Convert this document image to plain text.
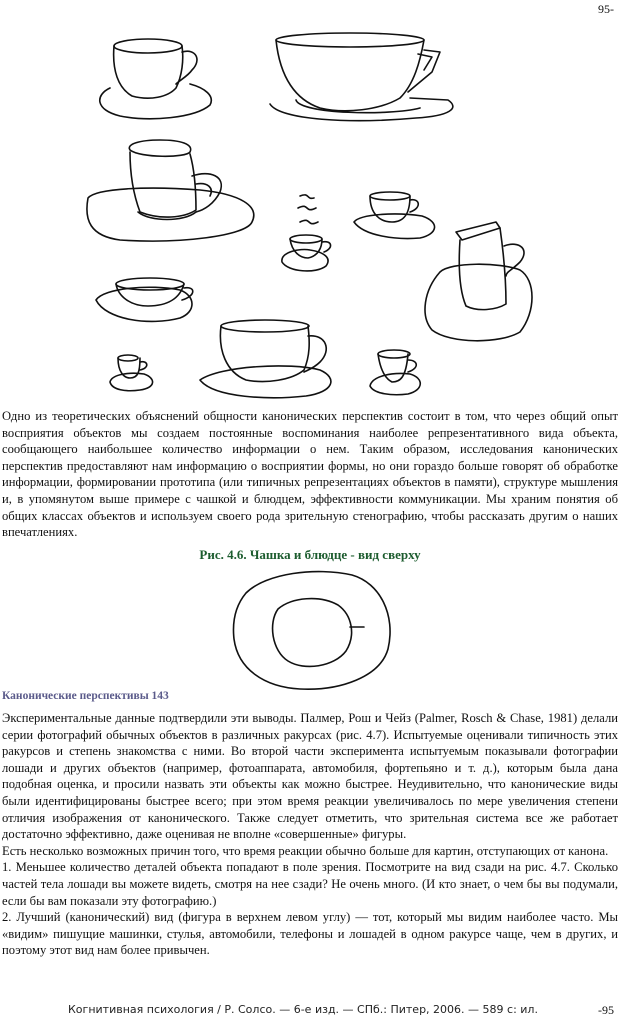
95-

Одно из теоретических объяснений общности канонических перспектив состоит в том, что через общий опыт восприятия объектов мы создаем постоянные воспоминания наиболее репрезентативного вида объекта, сообщающего наибольшее количество информации о нем. Таким образом, исследования канонических перспектив предоставляют нам информацию о восприятии формы, но они гораздо больше говорят об обработке информации, формировании прототипа (или типичных репрезентациях объектов в памяти), структуре мышления и, в упомянутом выше примере с чашкой и блюдцем, эффективности коммуникации. Мы храним понятия об общих классах объектов и используем своего рода зрительную стенографию, чтобы рассказать другим о наших впечатлениях.

Рис. 4.6. Чашка и блюдце - вид сверху
Канонические перспективы 143

Экспериментальные данные подтвердили эти выводы. Палмер, Рош и Чейз (Palmer, Rosch & Chase, 1981) делали серии фотографий обычных объектов в различных ракурсах (рис. 4.7). Испытуемые оценивали типичность этих ракурсов и степень знакомства с ними. Во второй части эксперимента испытуемым показывали фотографии лошади и других объектов (например, фотоаппарата, автомобиля, фортепьяно и т. д.), которым была дана подобная оценка, и просили назвать эти объекты как можно быстрее. Неудивительно, что канонические виды были идентифицированы быстрее всего; при этом время реакции увеличивалось по мере увеличения степени отличия изображения от канонического. Также следует отметить, что зрительная система все же работает достаточно эффективно, даже оценивая не вполне «совершенные» фигуры.

Есть несколько возможных причин того, что время реакции обычно больше для картин, отступающих от канона.

1. Меньшее количество деталей объекта попадают в поле зрения. Посмотрите на вид сзади на рис. 4.7. Сколько частей тела лошади вы можете видеть, смотря на нее сзади? Не очень много. (И кто знает, о чем бы вы подумали, если бы вам показали эту фотографию.)

2. Лучший (канонический) вид (фигура в верхнем левом углу) — тот, который мы видим наиболее часто. Мы «видим» пишущие машинки, стулья, автомобили, телефоны и лошадей в одном ракурсе чаще, чем в других, и поэтому этот вид нам более привычен.

Когнитивная психология / Р. Солсо. — 6-е изд. — СПб.: Питер, 2006. — 589 с: ил.	-95
